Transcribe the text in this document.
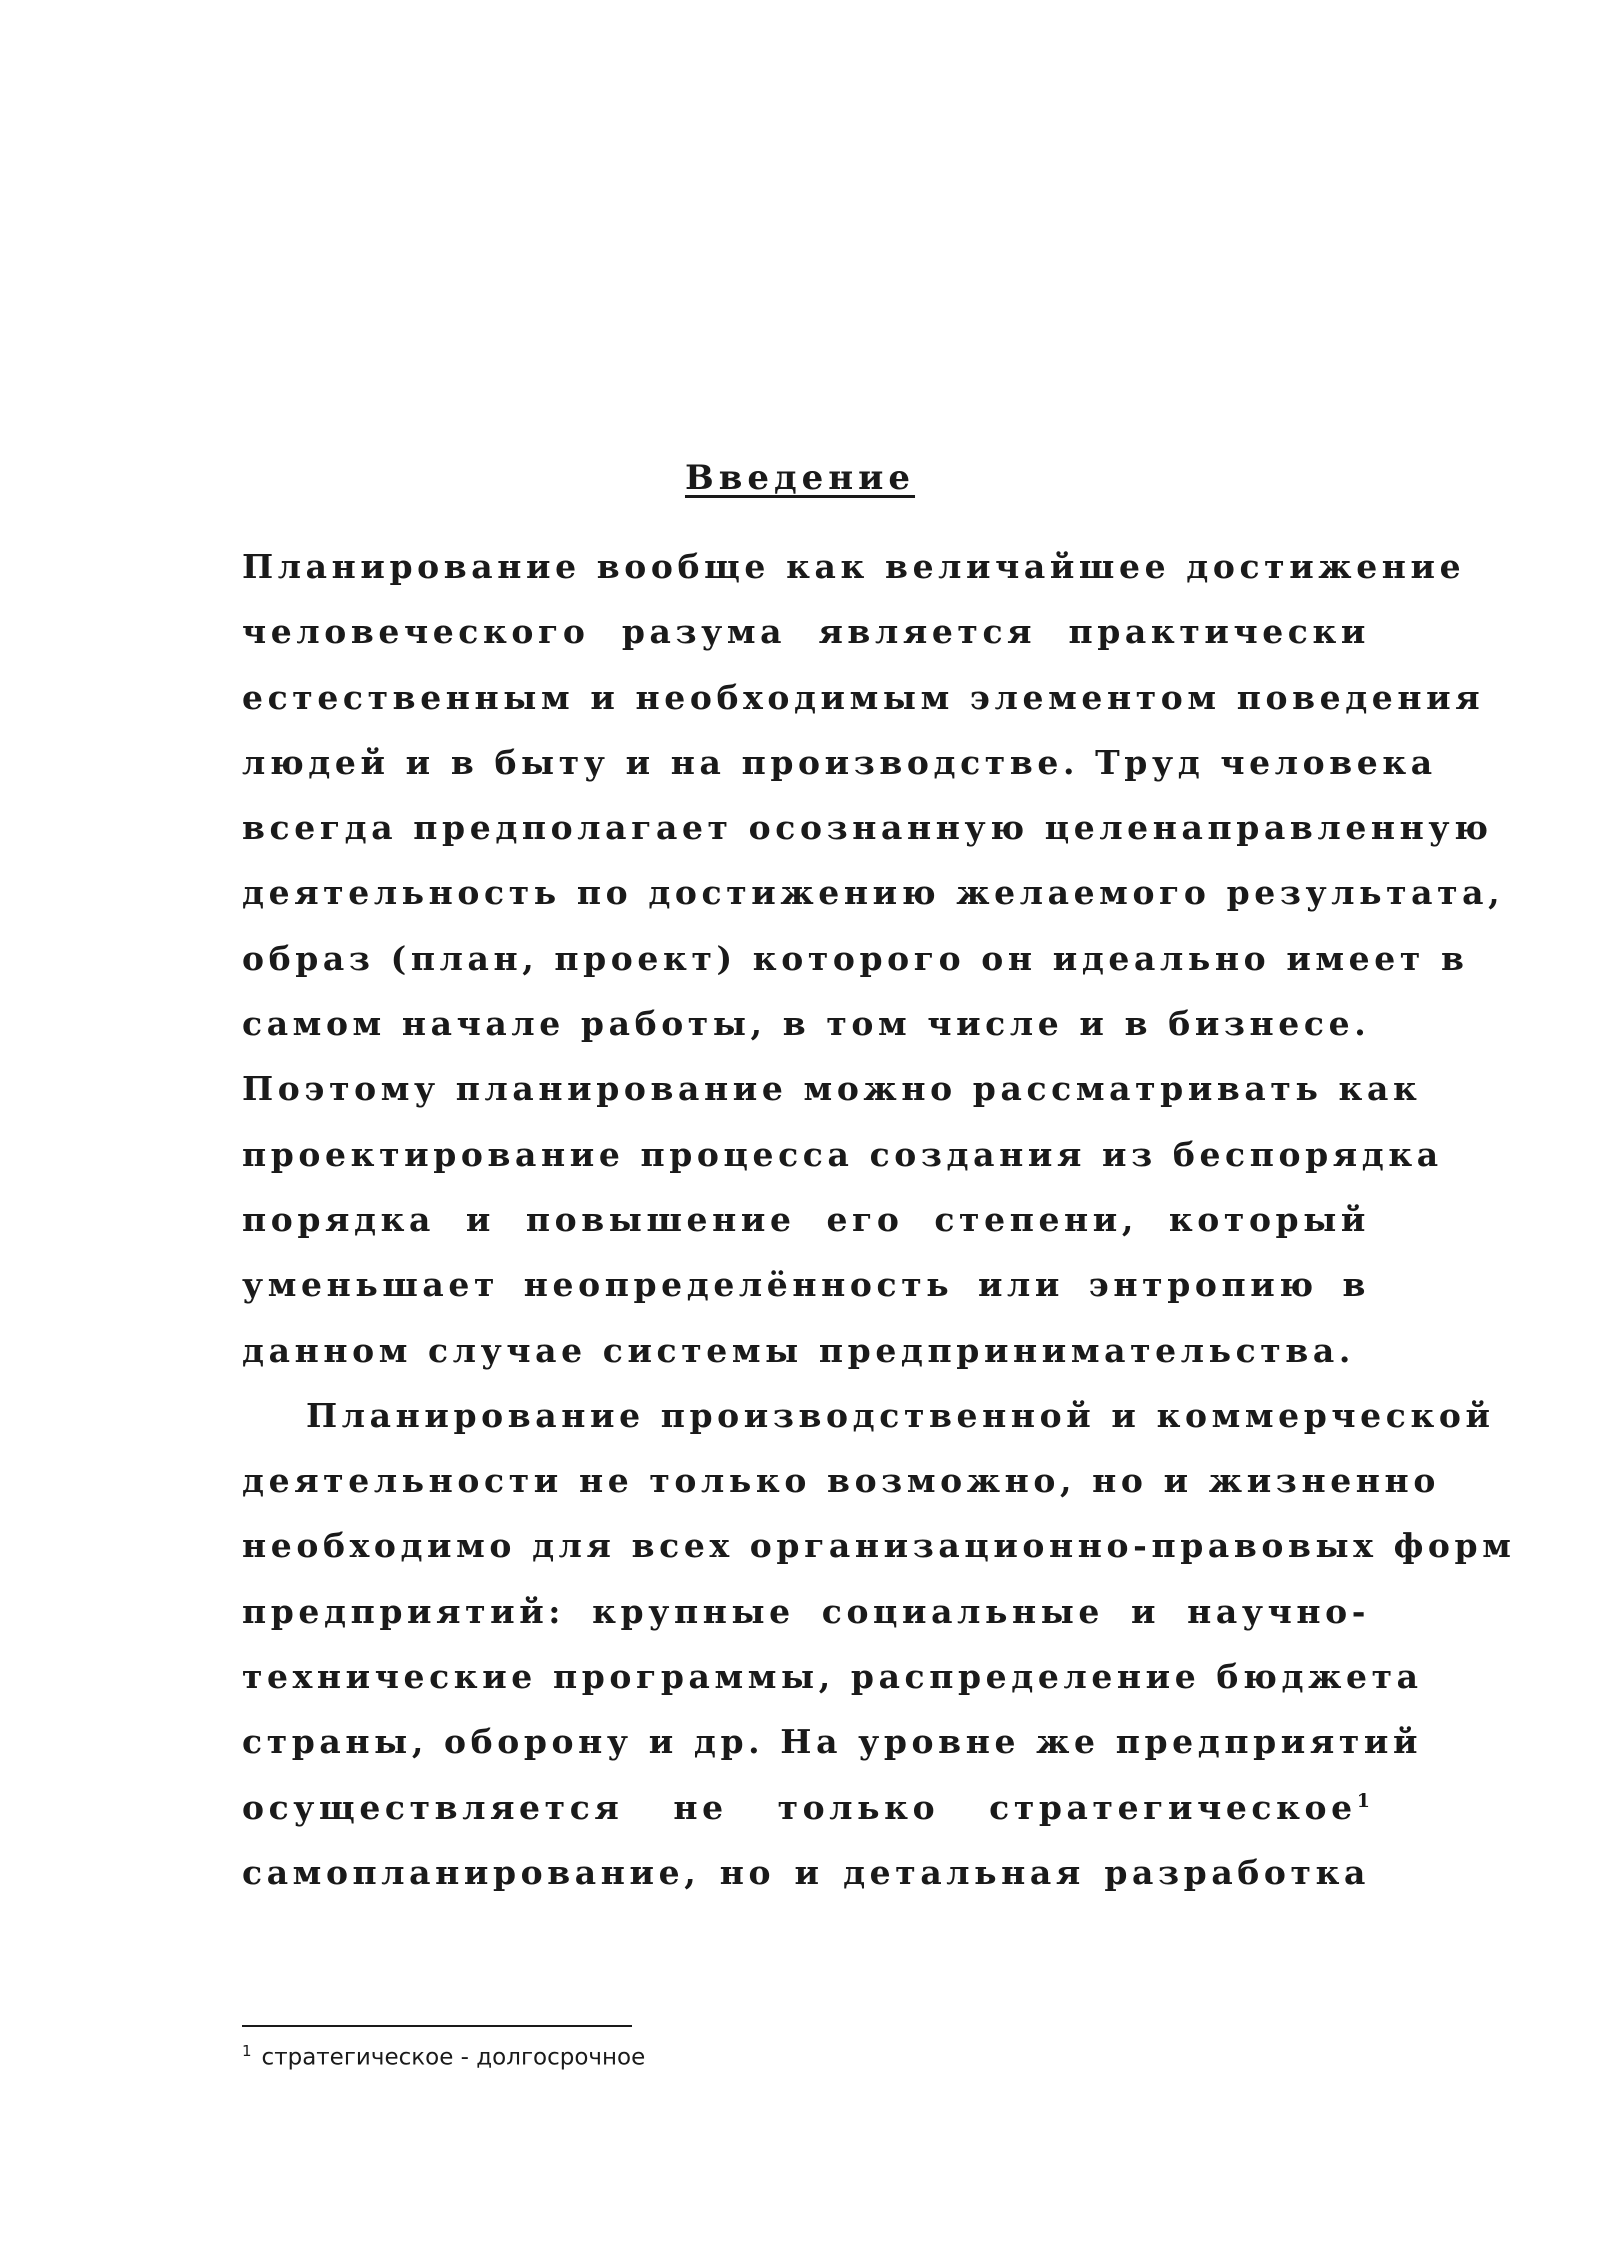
Введение
Планирование вообще как величайшее достижение
человеческого разума является практически
естественным и необходимым элементом поведения
людей и в быту и на производстве. Труд человека
всегда предполагает осознанную целенаправленную
деятельность по достижению желаемого результата,
образ (план, проект) которого он идеально имеет в
самом начале работы, в том числе и в бизнесе.
Поэтому планирование можно рассматривать как
проектирование процесса создания из беспорядка
порядка и повышение его степени, который
уменьшает неопределённость или энтропию в
данном случае системы предпринимательства.
Планирование производственной и коммерческой
деятельности не только возможно, но и жизненно
необходимо для всех организационно-правовых форм
предприятий: крупные социальные и научно-
технические программы, распределение бюджета
страны, оборону и др. На уровне же предприятий
осуществляется не только стратегическое$^1$
самопланирование, но и детальная разработка
$^1$ стратегическое - долгосрочное
